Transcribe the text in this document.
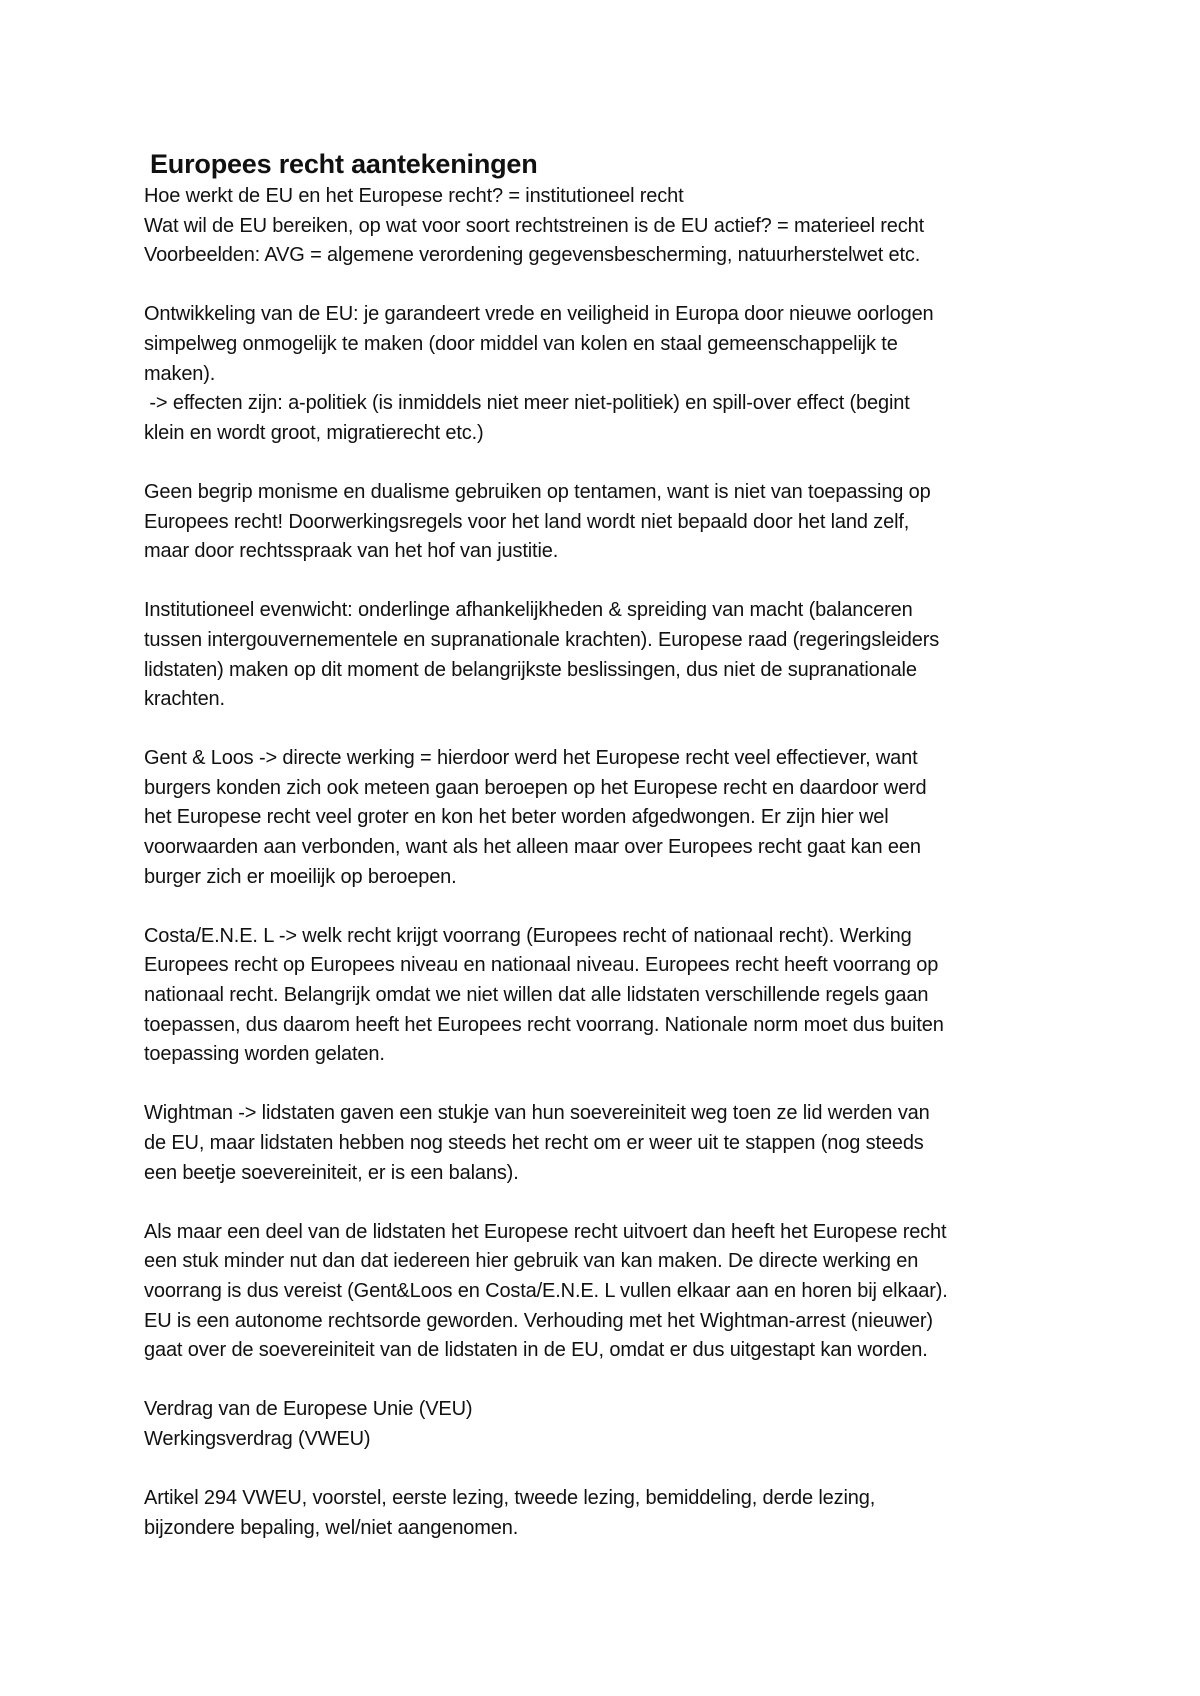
Europees recht aantekeningen

Hoe werkt de EU en het Europese recht? = institutioneel recht

Wat wil de EU bereiken, op wat voor soort rechtstreinen is de EU actief? = materieel recht

Voorbeelden: AVG = algemene verordening gegevensbescherming, natuurherstelwet etc.

Ontwikkeling van de EU: je garandeert vrede en veiligheid in Europa door nieuwe oorlogen

simpelweg onmogelijk te maken (door middel van kolen en staal gemeenschappelijk te

maken).

-> effecten zijn: a-politiek (is inmiddels niet meer niet-politiek) en spill-over effect (begint

klein en wordt groot, migratierecht etc.)

Geen begrip monisme en dualisme gebruiken op tentamen, want is niet van toepassing op

Europees recht! Doorwerkingsregels voor het land wordt niet bepaald door het land zelf,

maar door rechtsspraak van het hof van justitie.

Institutioneel evenwicht: onderlinge afhankelijkheden & spreiding van macht (balanceren

tussen intergouvernementele en supranationale krachten). Europese raad (regeringsleiders

lidstaten) maken op dit moment de belangrijkste beslissingen, dus niet de supranationale

krachten.

Gent & Loos -> directe werking = hierdoor werd het Europese recht veel effectiever, want

burgers konden zich ook meteen gaan beroepen op het Europese recht en daardoor werd

het Europese recht veel groter en kon het beter worden afgedwongen. Er zijn hier wel

voorwaarden aan verbonden, want als het alleen maar over Europees recht gaat kan een

burger zich er moeilijk op beroepen.

Costa/E.N.E. L -> welk recht krijgt voorrang (Europees recht of nationaal recht). Werking

Europees recht op Europees niveau en nationaal niveau. Europees recht heeft voorrang op

nationaal recht. Belangrijk omdat we niet willen dat alle lidstaten verschillende regels gaan

toepassen, dus daarom heeft het Europees recht voorrang. Nationale norm moet dus buiten

toepassing worden gelaten.

Wightman -> lidstaten gaven een stukje van hun soevereiniteit weg toen ze lid werden van

de EU, maar lidstaten hebben nog steeds het recht om er weer uit te stappen (nog steeds

een beetje soevereiniteit, er is een balans).

Als maar een deel van de lidstaten het Europese recht uitvoert dan heeft het Europese recht

een stuk minder nut dan dat iedereen hier gebruik van kan maken. De directe werking en

voorrang is dus vereist (Gent&Loos en Costa/E.N.E. L vullen elkaar aan en horen bij elkaar).

EU is een autonome rechtsorde geworden. Verhouding met het Wightman-arrest (nieuwer)

gaat over de soevereiniteit van de lidstaten in de EU, omdat er dus uitgestapt kan worden.

Verdrag van de Europese Unie (VEU)

Werkingsverdrag (VWEU)

Artikel 294 VWEU, voorstel, eerste lezing, tweede lezing, bemiddeling, derde lezing,

bijzondere bepaling, wel/niet aangenomen.
